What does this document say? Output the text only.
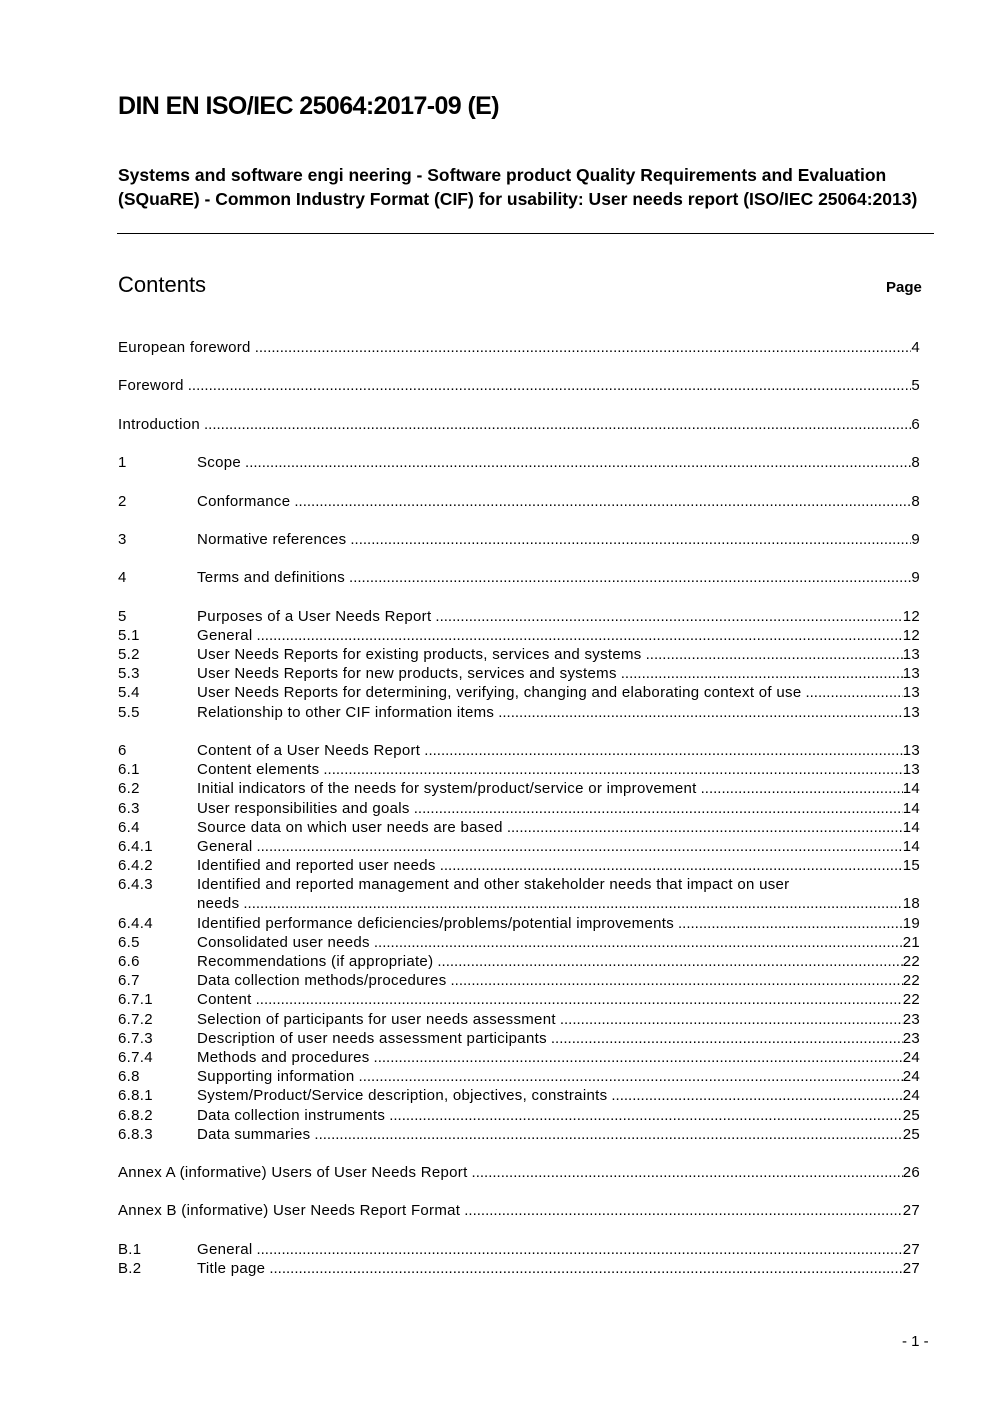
DIN EN ISO/IEC 25064:2017-09 (E)
Systems and software engi neering - Software product Quality Requirements and Evaluation (SQuaRE) - Common Industry Format (CIF) for usability: User needs report (ISO/IEC 25064:2013)
Contents	Page
European foreword .....	4
Foreword .....	5
Introduction .....	6
1	Scope .....	8
2	Conformance .....	8
3	Normative references .....	9
4	Terms and definitions .....	9
5	Purposes of a User Needs Report .....	12
5.1	General .....	12
5.2	User Needs Reports for existing products, services and systems .....	13
5.3	User Needs Reports for new products, services and systems .....	13
5.4	User Needs Reports for determining, verifying, changing and elaborating context of use .....	13
5.5	Relationship to other CIF information items .....	13
6	Content of a User Needs Report .....	13
6.1	Content elements .....	13
6.2	Initial indicators of the needs for system/product/service or improvement .....	14
6.3	User responsibilities and goals .....	14
6.4	Source data on which user needs are based .....	14
6.4.1	General .....	14
6.4.2	Identified and reported user needs .....	15
6.4.3	Identified and reported management and other stakeholder needs that impact on user
needs .....	18
6.4.4	Identified performance deficiencies/problems/potential improvements .....	19
6.5	Consolidated user needs .....	21
6.6	Recommendations (if appropriate) .....	22
6.7	Data collection methods/procedures .....	22
6.7.1	Content .....	22
6.7.2	Selection of participants for user needs assessment .....	23
6.7.3	Description of user needs assessment participants .....	23
6.7.4	Methods and procedures .....	24
6.8	Supporting information .....	24
6.8.1	System/Product/Service description, objectives, constraints .....	24
6.8.2	Data collection instruments .....	25
6.8.3	Data summaries .....	25
Annex A (informative) Users of User Needs Report .....	26
Annex B (informative) User Needs Report Format .....	27
B.1	General .....	27
B.2	Title page .....	27
- 1 -
